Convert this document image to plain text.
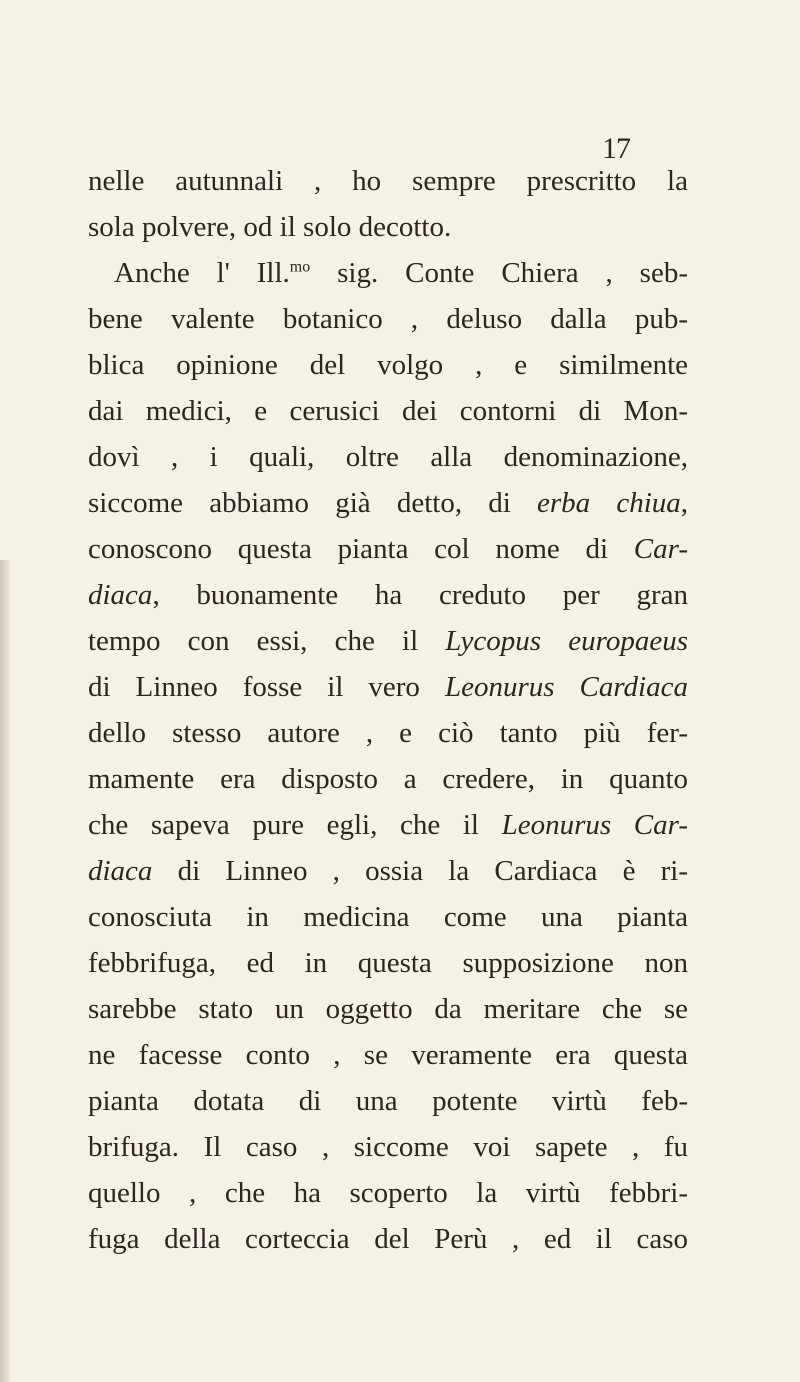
17
nelle autunnali , ho sempre prescritto la
sola polvere, od il solo decotto.
Anche l' Ill.$^{mo}$ sig. Conte Chiera , seb-
bene valente botanico , deluso dalla pub-
blica opinione del volgo , e similmente
dai medici, e cerusici dei contorni di Mon-
dovì , i quali, oltre alla denominazione,
siccome abbiamo già detto, di erba chiua,
conoscono questa pianta col nome di Car-
diaca, buonamente ha creduto per gran
tempo con essi, che il Lycopus europaeus
di Linneo fosse il vero Leonurus Cardiaca
dello stesso autore , e ciò tanto più fer-
mamente era disposto a credere, in quanto
che sapeva pure egli, che il Leonurus Car-
diaca di Linneo , ossia la Cardiaca è ri-
conosciuta in medicina come una pianta
febbrifuga, ed in questa supposizione non
sarebbe stato un oggetto da meritare che se
ne facesse conto , se veramente era questa
pianta dotata di una potente virtù feb-
brifuga. Il caso , siccome voi sapete , fu
quello , che ha scoperto la virtù febbri-
fuga della corteccia del Perù , ed il caso
